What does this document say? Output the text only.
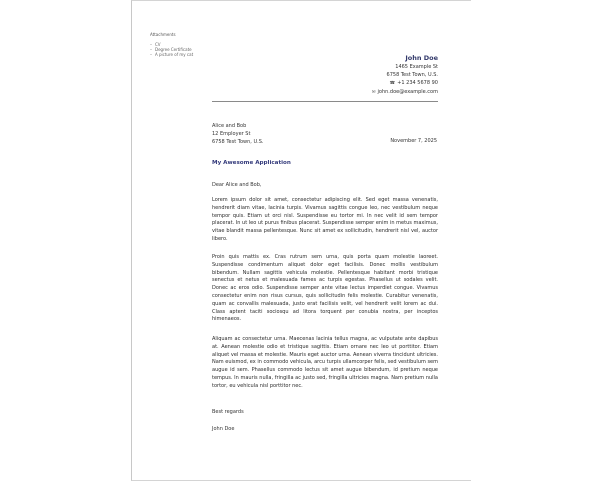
Attachments
– CV
– Degree Certificate
– A picture of my cat	John Doe
1465 Example St
6758 Test Town, U.S.
☎ +1 234 5678 90
✉ john.doe@example.com
Alice and Bob
12 Employer St
6758 Test Town, U.S.	November 7, 2025
My Awesome Application
Dear Alice and Bob,
Lorem ipsum dolor sit amet, consectetur adipiscing elit. Sed eget massa venenatis, hendrerit diam vitae, lacinia turpis. Vivamus sagittis congue leo, nec vestibulum neque tempor quis. Etiam ut orci nisl. Suspendisse eu tortor mi. In nec velit id sem tempor placerat. In ut leo ut purus finibus placerat. Suspendisse semper enim in metus maximus, vitae blandit massa pellentesque. Nunc sit amet ex sollicitudin, hendrerit nisl vel, auctor libero.
Proin quis mattis ex. Cras rutrum sem urna, quis porta quam molestie laoreet. Suspendisse condimentum aliquet dolor eget facilisis. Donec mollis vestibulum bibendum. Nullam sagittis vehicula molestie. Pellentesque habitant morbi tristique senectus et netus et malesuada fames ac turpis egestas. Phasellus ut sodales velit. Donec ac eros odio. Suspendisse semper ante vitae lectus imperdiet congue. Vivamus consectetur enim non risus cursus, quis sollicitudin felis molestie. Curabitur venenatis, quam ac convallis malesuada, justo erat facilisis velit, vel hendrerit velit lorem ac dui. Class aptent taciti sociosqu ad litora torquent per conubia nostra, per inceptos himenaeos.
Aliquam ac consectetur urna. Maecenas lacinia tellus magna, ac vulputate ante dapibus at. Aenean molestie odio et tristique sagittis. Etiam ornare nec leo ut porttitor. Etiam aliquet vel massa et molestie. Mauris eget auctor urna. Aenean viverra tincidunt ultricies. Nam euismod, ex in commodo vehicula, arcu turpis ullamcorper felis, sed vestibulum sem augue id sem. Phasellus commodo lectus sit amet augue bibendum, id pretium neque tempus. In mauris nulla, fringilla ac justo sed, fringilla ultricies magna. Nam pretium nulla tortor, eu vehicula nisl porttitor nec.
Best regards
John Doe
